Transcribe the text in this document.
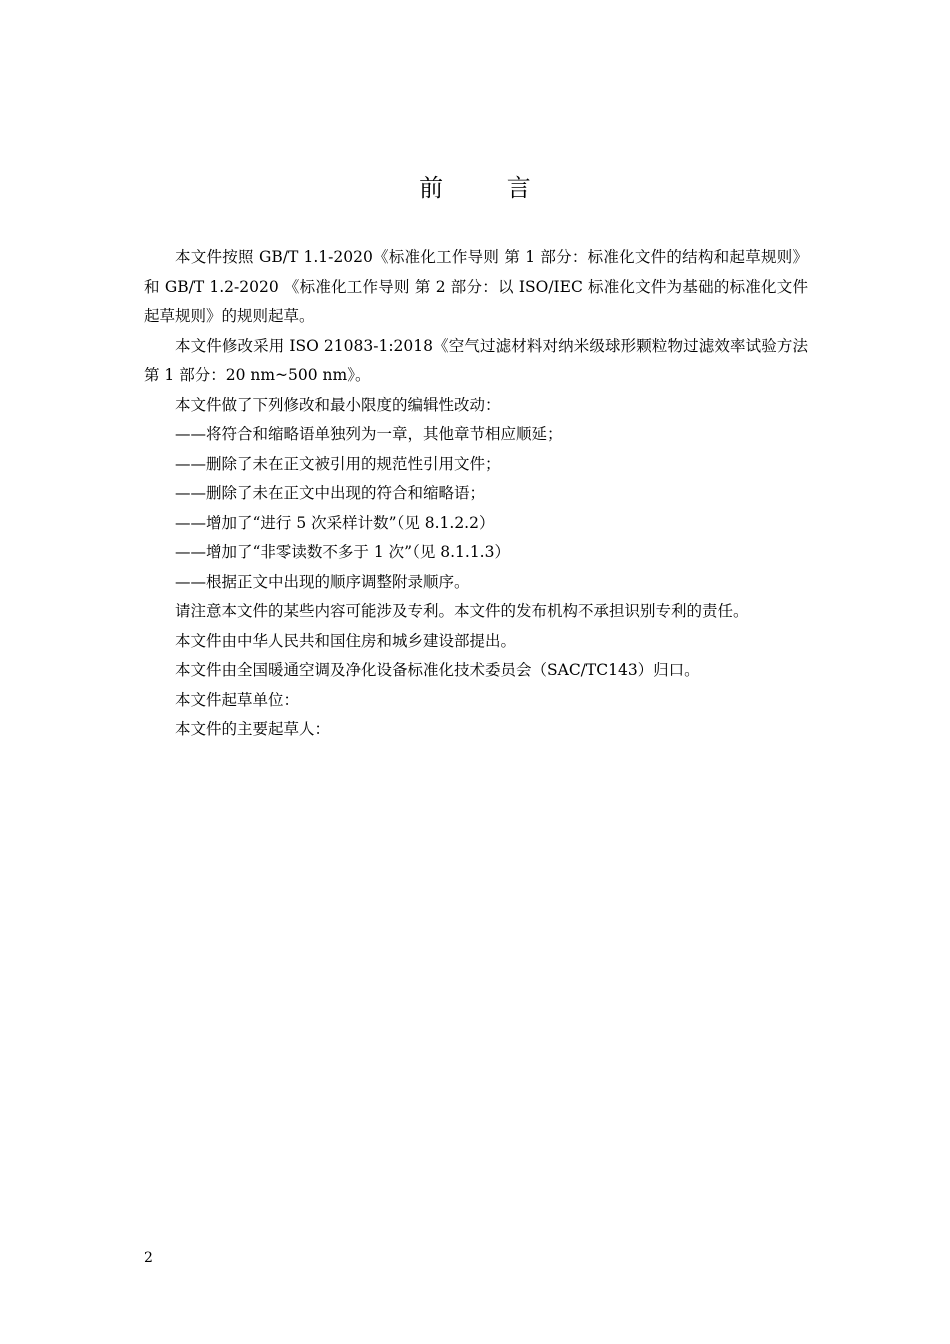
前 言

本文件按照 GB/T 1.1-2020《标准化工作导则 第 1 部分：标准化文件的结构和起草规则》和 GB/T 1.2-2020 《标准化工作导则 第 2 部分：以 ISO/IEC 标准化文件为基础的标准化文件起草规则》的规则起草。

本文件修改采用 ISO 21083-1:2018《空气过滤材料对纳米级球形颗粒物过滤效率试验方法 第 1 部分：20 nm~500 nm》。

本文件做了下列修改和最小限度的编辑性改动：

——将符合和缩略语单独列为一章，其他章节相应顺延；

——删除了未在正文被引用的规范性引用文件；

——删除了未在正文中出现的符合和缩略语；

——增加了“进行 5 次采样计数”（见 8.1.2.2）

——增加了“非零读数不多于 1 次”（见 8.1.1.3）

——根据正文中出现的顺序调整附录顺序。

请注意本文件的某些内容可能涉及专利。本文件的发布机构不承担识别专利的责任。

本文件由中华人民共和国住房和城乡建设部提出。

本文件由全国暖通空调及净化设备标准化技术委员会（SAC/TC143）归口。

本文件起草单位：

本文件的主要起草人：

2
